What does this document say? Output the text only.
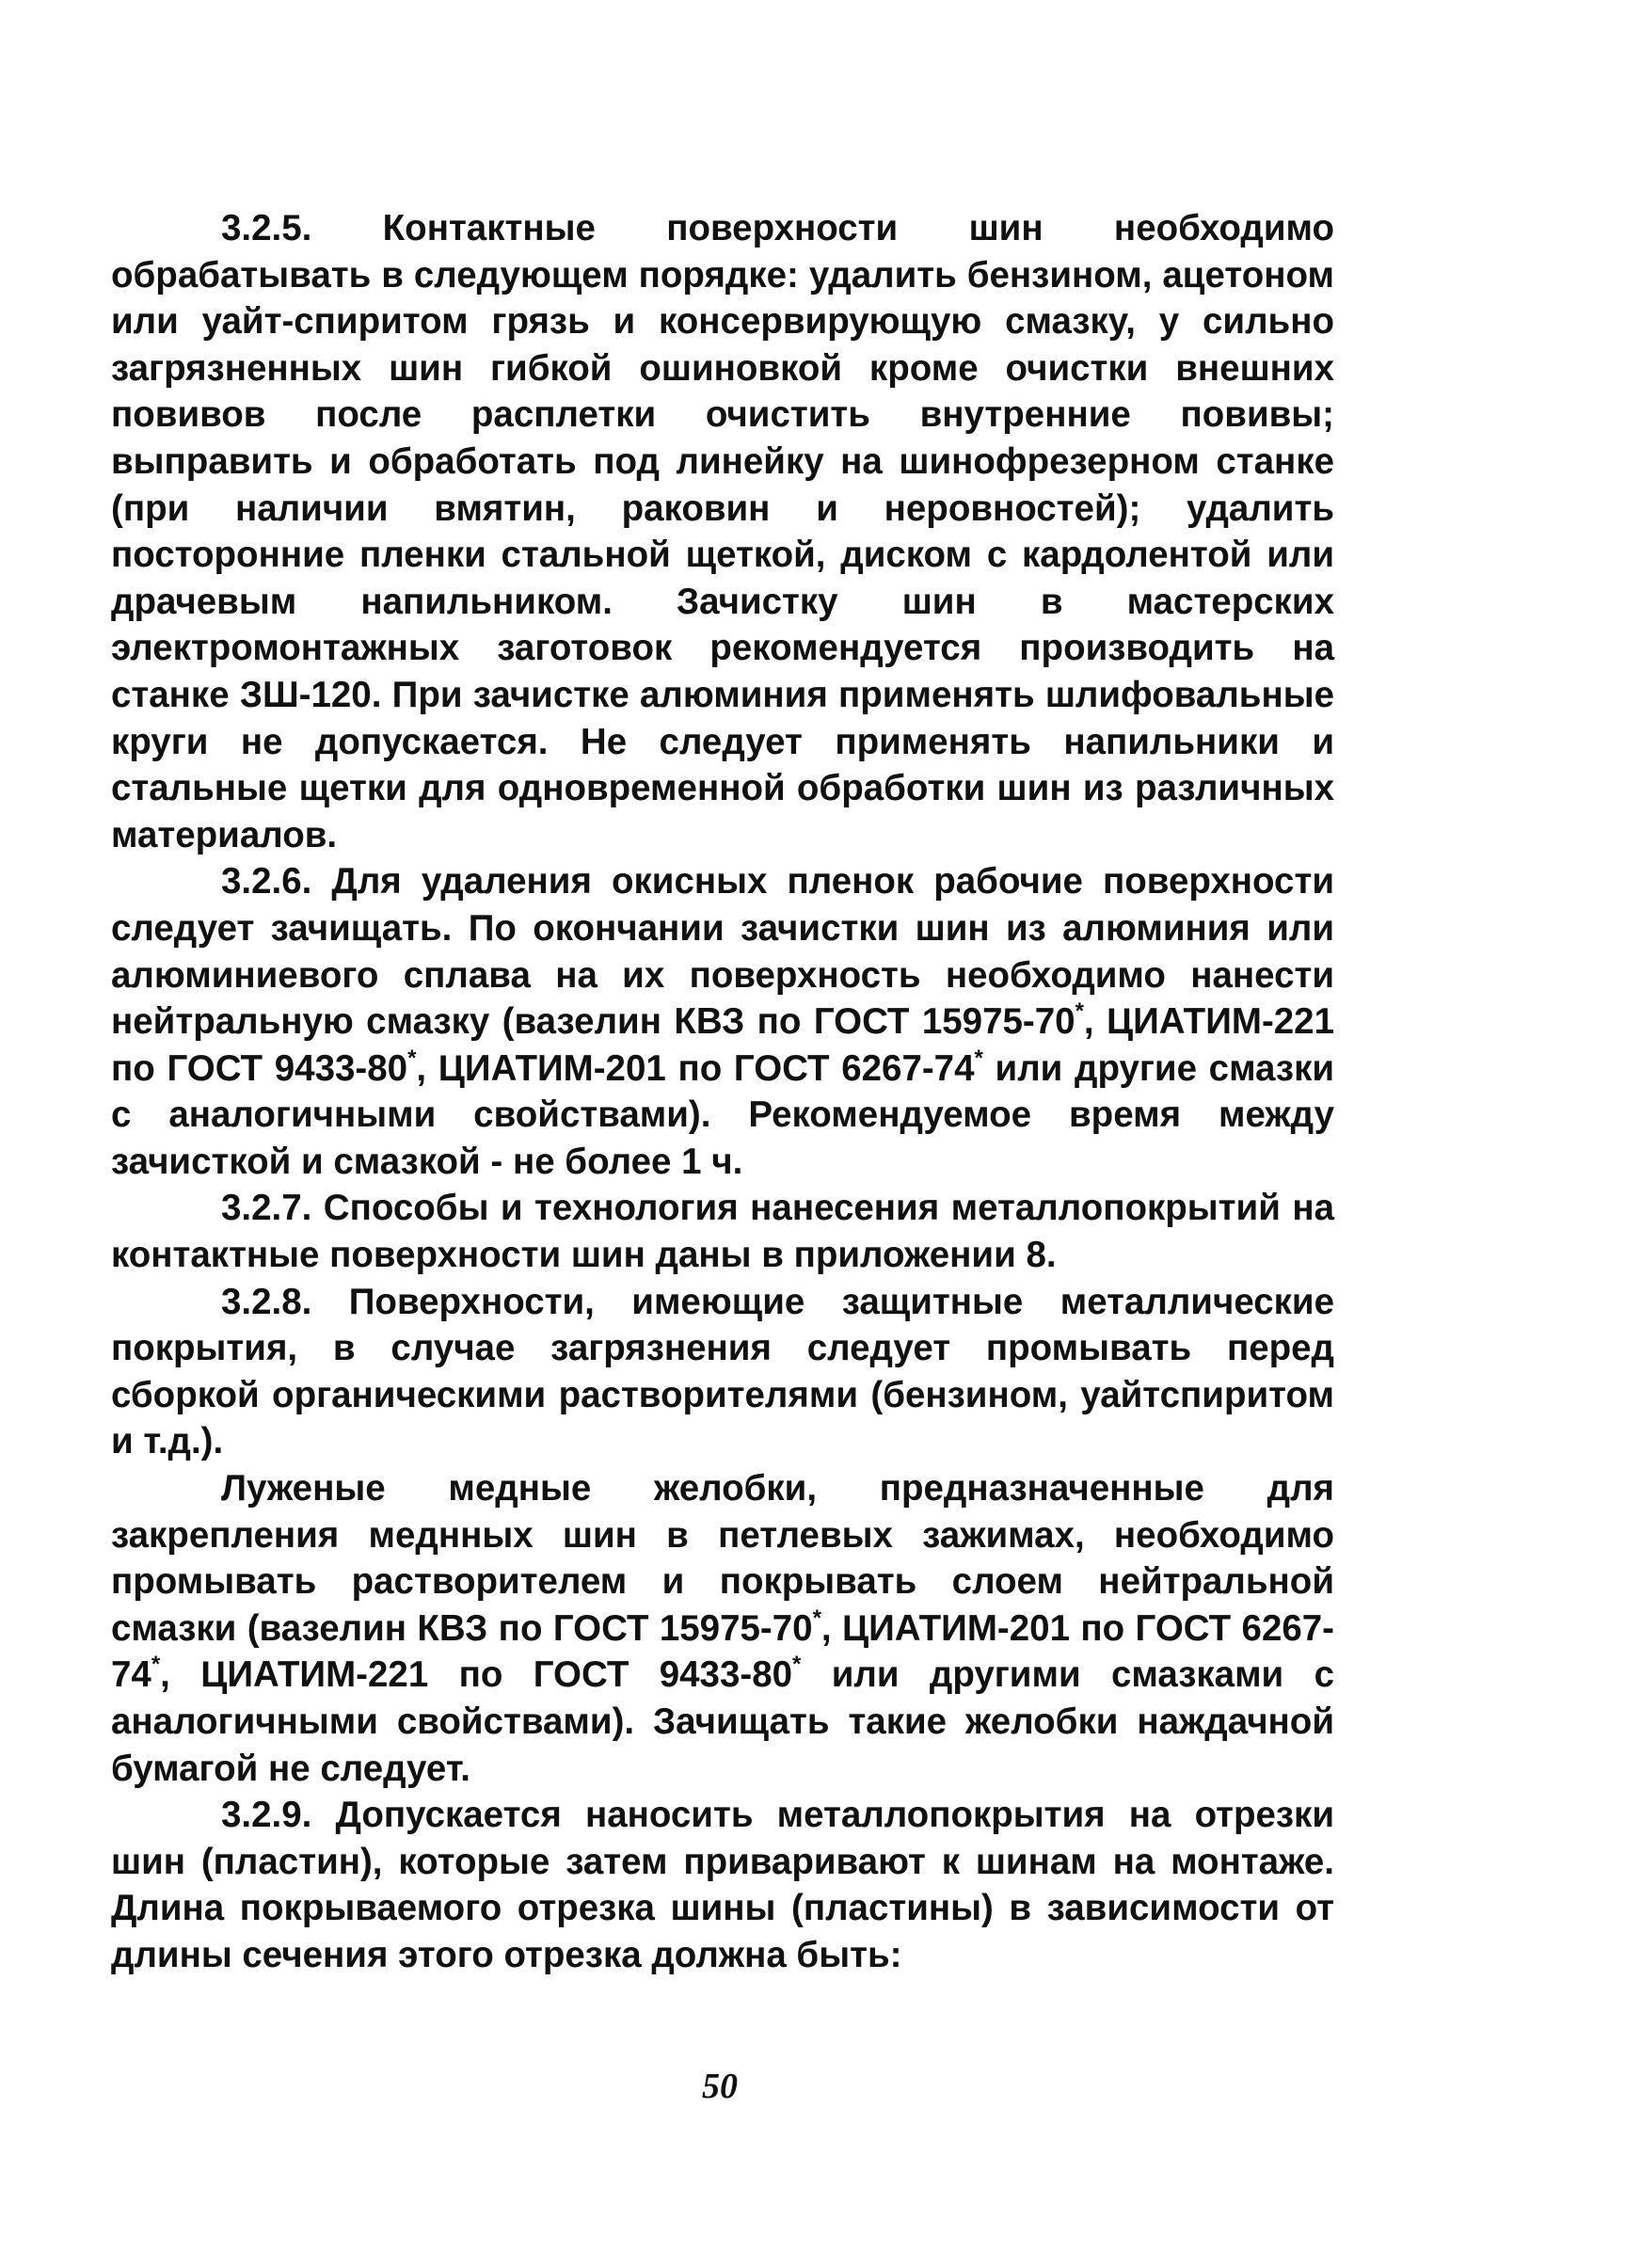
3.2.5. Контактные поверхности шин необходимо обрабатывать в следующем порядке: удалить бензином, ацетоном или уайт-спиритом грязь и консервирующую смазку, у сильно загрязненных шин гибкой ошиновкой кроме очистки внешних повивов после расплетки очистить внутренние повивы; выправить и обработать под линейку на шинофрезерном станке (при наличии вмятин, раковин и неровностей); удалить посторонние пленки стальной щеткой, диском с кардолентой или драчевым напильником. Зачистку шин в мастерских электромонтажных заготовок рекомендуется производить на станке ЗШ-120. При зачистке алюминия применять шлифовальные круги не допускается. Не следует применять напильники и стальные щетки для одновременной обработки шин из различных материалов.

3.2.6. Для удаления окисных пленок рабочие поверхности следует зачищать. По окончании зачистки шин из алюминия или алюминиевого сплава на их поверхность необходимо нанести нейтральную смазку (вазелин КВЗ по ГОСТ 15975-70*, ЦИАТИМ-221 по ГОСТ 9433-80*, ЦИАТИМ-201 по ГОСТ 6267-74* или другие смазки с аналогичными свойствами). Рекомендуемое время между зачисткой и смазкой - не более 1 ч.

3.2.7. Способы и технология нанесения металлопокрытий на контактные поверхности шин даны в приложении 8.

3.2.8. Поверхности, имеющие защитные металлические покрытия, в случае загрязнения следует промывать перед сборкой органическими растворителями (бензином, уайтспиритом и т.д.).

Луженые медные желобки, предназначенные для закрепления меднных шин в петлевых зажимах, необходимо промывать растворителем и покрывать слоем нейтральной смазки (вазелин КВЗ по ГОСТ 15975-70*, ЦИАТИМ-201 по ГОСТ 6267-74*, ЦИАТИМ-221 по ГОСТ 9433-80* или другими смазками с аналогичными свойствами). Зачищать такие желобки наждачной бумагой не следует.

3.2.9. Допускается наносить металлопокрытия на отрезки шин (пластин), которые затем приваривают к шинам на монтаже. Длина покрываемого отрезка шины (пластины) в зависимости от длины сечения этого отрезка должна быть:

50
